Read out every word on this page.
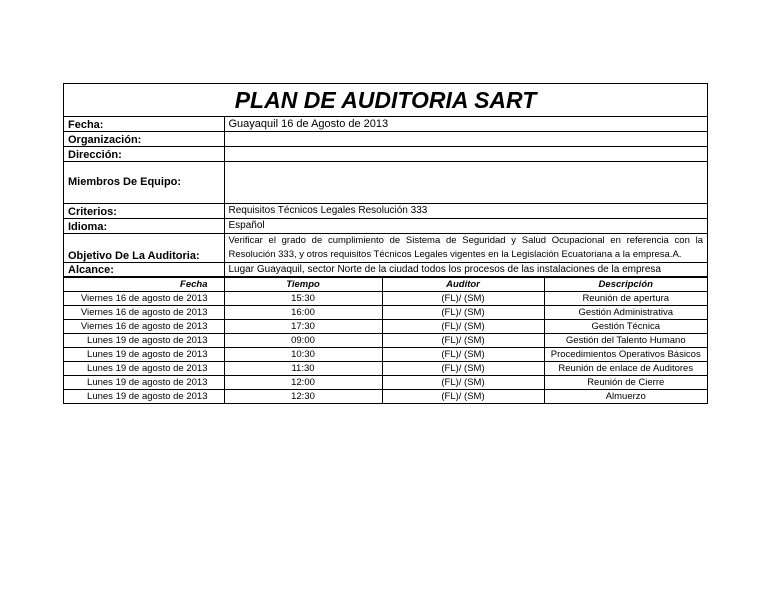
PLAN DE AUDITORIA SART
Fecha:	Guayaquil 16 de Agosto de 2013
Organización:	
Dirección:	
Miembros De Equipo:	
Criterios:	Requisitos Técnicos Legales Resolución 333
Idioma:	Español
Objetivo De La Auditoria:	Verificar el grado de cumplimiento de Sistema de Seguridad y Salud Ocupacional en referencia con la Resolución 333, y otros requisitos Técnicos Legales vigentes en la Legislación Ecuatoriana a la empresa.A.
Alcance:	Lugar Guayaquil, sector Norte de la ciudad todos los procesos de las instalaciones de la empresa
Fecha	Tiempo	Auditor	Descripción
Viernes 16 de agosto de 2013	15:30	(FL)/ (SM)	Reunión de apertura
Viernes 16 de agosto de 2013	16:00	(FL)/ (SM)	Gestión Administrativa
Viernes 16 de agosto de 2013	17:30	(FL)/ (SM)	Gestión Técnica
Lunes 19 de agosto de 2013	09:00	(FL)/ (SM)	Gestión del Talento Humano
Lunes 19 de agosto de 2013	10:30	(FL)/ (SM)	Procedimientos Operativos Básicos
Lunes 19 de agosto de 2013	11:30	(FL)/ (SM)	Reunión de enlace de Auditores
Lunes 19 de agosto de 2013	12:00	(FL)/ (SM)	Reunión de Cierre
Lunes 19 de agosto de 2013	12:30	(FL)/ (SM)	Almuerzo
